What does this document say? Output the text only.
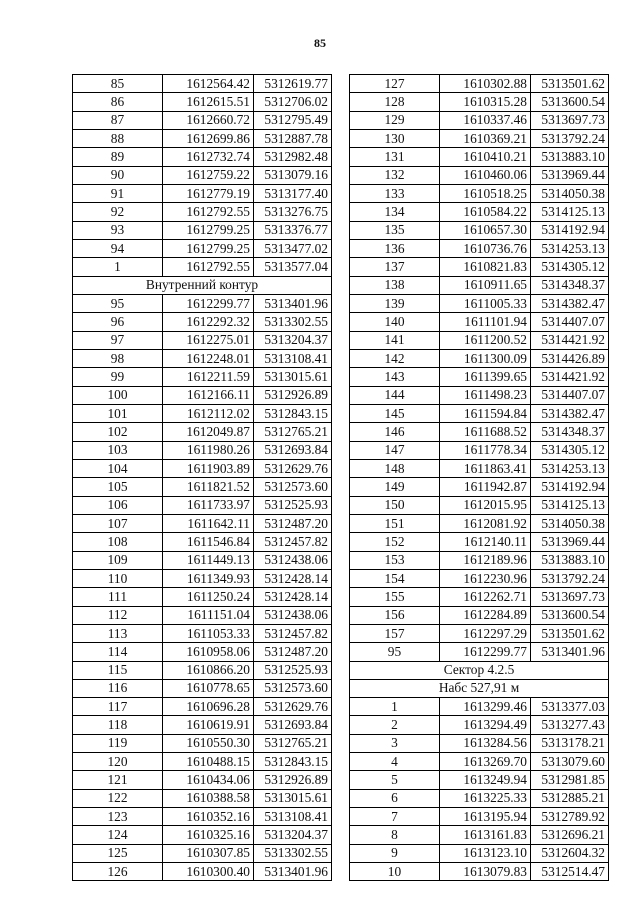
85
85	1612564.42	5312619.77
86	1612615.51	5312706.02
87	1612660.72	5312795.49
88	1612699.86	5312887.78
89	1612732.74	5312982.48
90	1612759.22	5313079.16
91	1612779.19	5313177.40
92	1612792.55	5313276.75
93	1612799.25	5313376.77
94	1612799.25	5313477.02
1	1612792.55	5313577.04
Внутренний контур		
95	1612299.77	5313401.96
96	1612292.32	5313302.55
97	1612275.01	5313204.37
98	1612248.01	5313108.41
99	1612211.59	5313015.61
100	1612166.11	5312926.89
101	1612112.02	5312843.15
102	1612049.87	5312765.21
103	1611980.26	5312693.84
104	1611903.89	5312629.76
105	1611821.52	5312573.60
106	1611733.97	5312525.93
107	1611642.11	5312487.20
108	1611546.84	5312457.82
109	1611449.13	5312438.06
110	1611349.93	5312428.14
111	1611250.24	5312428.14
112	1611151.04	5312438.06
113	1611053.33	5312457.82
114	1610958.06	5312487.20
115	1610866.20	5312525.93
116	1610778.65	5312573.60
117	1610696.28	5312629.76
118	1610619.91	5312693.84
119	1610550.30	5312765.21
120	1610488.15	5312843.15
121	1610434.06	5312926.89
122	1610388.58	5313015.61
123	1610352.16	5313108.41
124	1610325.16	5313204.37
125	1610307.85	5313302.55
126	1610300.40	5313401.96
127	1610302.88	5313501.62
128	1610315.28	5313600.54
129	1610337.46	5313697.73
130	1610369.21	5313792.24
131	1610410.21	5313883.10
132	1610460.06	5313969.44
133	1610518.25	5314050.38
134	1610584.22	5314125.13
135	1610657.30	5314192.94
136	1610736.76	5314253.13
137	1610821.83	5314305.12
138	1610911.65	5314348.37
139	1611005.33	5314382.47
140	1611101.94	5314407.07
141	1611200.52	5314421.92
142	1611300.09	5314426.89
143	1611399.65	5314421.92
144	1611498.23	5314407.07
145	1611594.84	5314382.47
146	1611688.52	5314348.37
147	1611778.34	5314305.12
148	1611863.41	5314253.13
149	1611942.87	5314192.94
150	1612015.95	5314125.13
151	1612081.92	5314050.38
152	1612140.11	5313969.44
153	1612189.96	5313883.10
154	1612230.96	5313792.24
155	1612262.71	5313697.73
156	1612284.89	5313600.54
157	1612297.29	5313501.62
95	1612299.77	5313401.96
Сектор 4.2.5		
Набс 527,91 м		
1	1613299.46	5313377.03
2	1613294.49	5313277.43
3	1613284.56	5313178.21
4	1613269.70	5313079.60
5	1613249.94	5312981.85
6	1613225.33	5312885.21
7	1613195.94	5312789.92
8	1613161.83	5312696.21
9	1613123.10	5312604.32
10	1613079.83	5312514.47
